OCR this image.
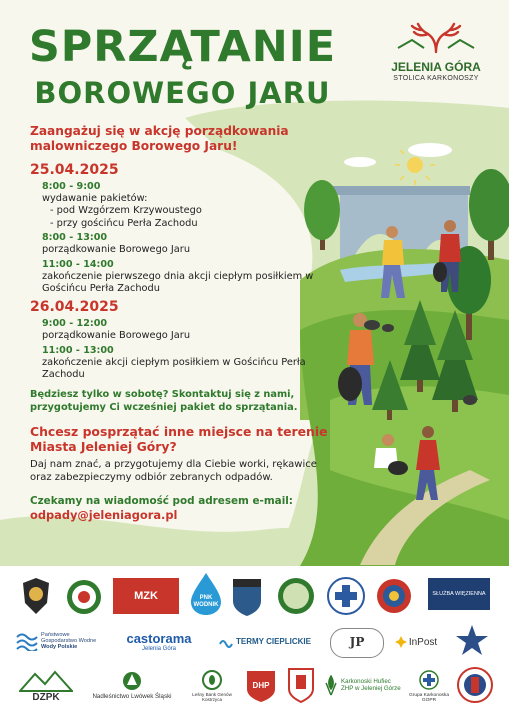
SPRZĄTANIE
BOROWEGO JARU
JELENIA GÓRA
STOLICA KARKONOSZY
Zaangażuj się w akcję porządkowania malowniczego Borowego Jaru!
25.04.2025
8:00 - 9:00
wydawanie pakietów:
- pod Wzgórzem Krzywoustego
- przy gościńcu Perła Zachodu
8:00 - 13:00
porządkowanie Borowego Jaru
11:00 - 14:00
zakończenie pierwszego dnia akcji ciepłym posiłkiem w Gościńcu Perła Zachodu
26.04.2025
9:00 - 12:00
porządkowanie Borowego Jaru
11:00 - 13:00
zakończenie akcji ciepłym posiłkiem w Gościńcu Perła Zachodu
Będziesz tylko w sobotę? Skontaktuj się z nami, przygotujemy Ci wcześniej pakiet do sprzątania.
Chcesz posprzątać inne miejsce na terenie Miasta Jeleniej Góry?
Daj nam znać, a przygotujemy dla Ciebie worki, rękawice oraz zabezpieczymy odbiór zebranych odpadów.
Czekamy na wiadomość pod adresem e-mail:
odpady@jeleniagora.pl
MZK	PNK WODNIK
SŁUŻBA WIĘZIENNA
Państwowe
Gospodarstwo Wodne
Wody Polskie
castorama
Jelenia Góra
TERMY CIEPLICKIE	JP	InPost
DZPK	Nadleśnictwo Lwówek Śląski	Leśny Bank Genów Kostrzyca
DHP	Karkonoski Hufiec ZHP w Jeleniej Górze
Grupa Karkonoska GOPR
